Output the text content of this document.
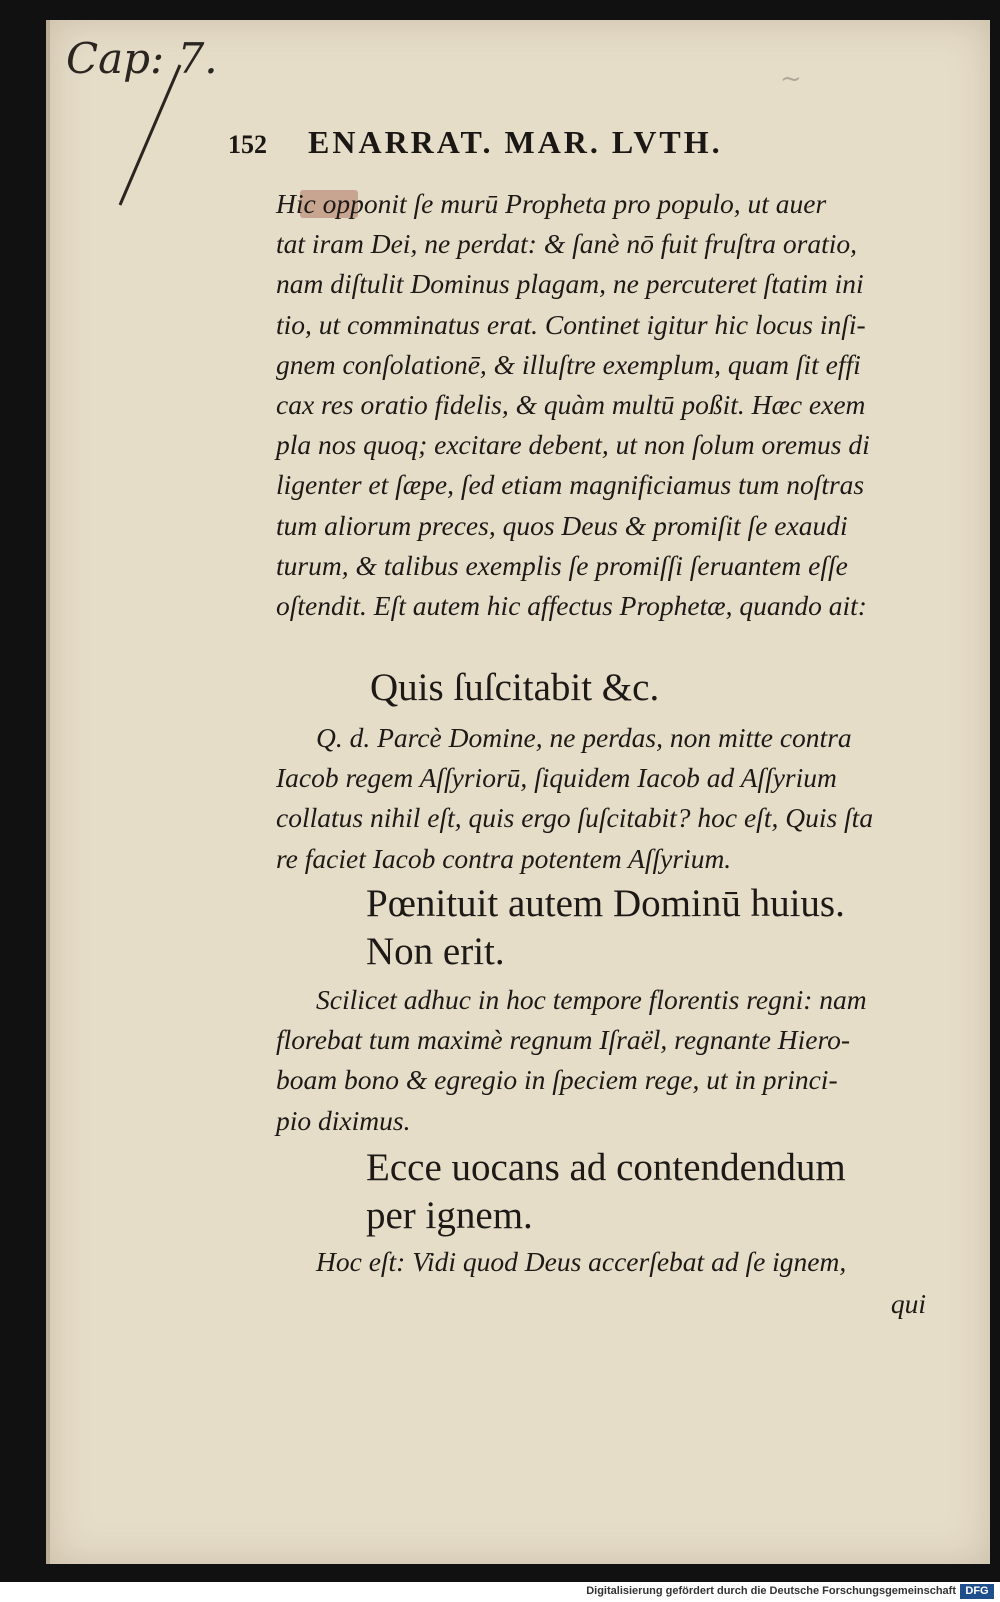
Cap: 7.	~
152 ENARRAT. MAR. LVTH.
Hic opponit ſe murū Propheta pro populo, ut auer
tat iram Dei, ne perdat: & ſanè nō fuit fruſtra oratio,
nam diſtulit Dominus plagam, ne percuteret ſtatim ini
tio, ut comminatus erat. Continet igitur hic locus inſi-
gnem conſolationē, & illuſtre exemplum, quam ſit effi
cax res oratio fidelis, & quàm multū poßit. Hæc exem
pla nos quoq; excitare debent, ut non ſolum oremus di
ligenter et ſæpe, ſed etiam magnificiamus tum noſtras
tum aliorum preces, quos Deus & promiſit ſe exaudi
turum, & talibus exemplis ſe promiſſi ſeruantem eſſe
oſtendit. Eſt autem hic affectus Prophetæ, quando ait:
Quis ſuſcitabit &c.
Q. d. Parcè Domine, ne perdas, non mitte contra
Iacob regem Aſſyriorū, ſiquidem Iacob ad Aſſyrium
collatus nihil eſt, quis ergo ſuſcitabit? hoc eſt, Quis ſta
re faciet Iacob contra potentem Aſſyrium.
Pœnituit autem Dominū huius.
Non erit.
Scilicet adhuc in hoc tempore florentis regni: nam
florebat tum maximè regnum Iſraël, regnante Hiero-
boam bono & egregio in ſpeciem rege, ut in princi-
pio diximus.
Ecce uocans ad contendendum
per ignem.
Hoc eſt: Vidi quod Deus accerſebat ad ſe ignem,
qui
Digitalisierung gefördert durch die Deutsche Forschungsgemeinschaft DFG
